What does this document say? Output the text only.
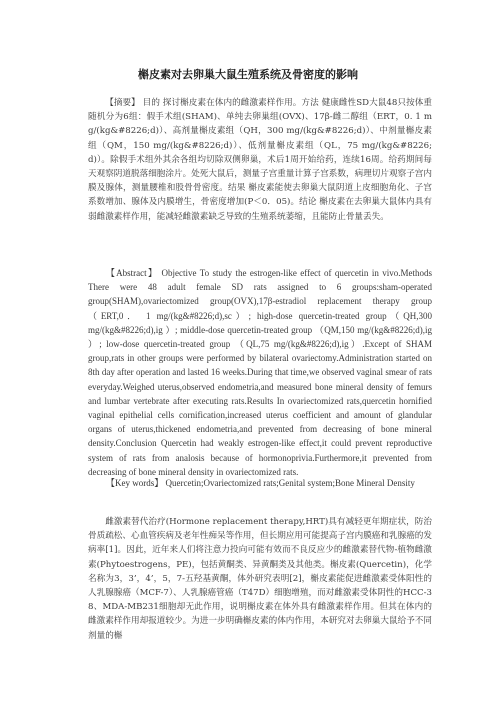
槲皮素对去卵巢大鼠生殖系统及骨密度的影响
【摘要】 目的 探讨槲皮素在体内的雌激素样作用。方法 健康雌性SD大鼠48只按体重随机分为6组：假手术组(SHAM)、单纯去卵巢组(OVX)、17β-雌二醇组（ERT，0. 1 mg/(kg&#8226;d)）、高剂量槲皮素组（QH，300 mg/(kg&#8226;d)）、中剂量槲皮素组（QM，150 mg/(kg&#8226;d)）、低剂量槲皮素组（QL，75 mg/(kg&#8226;d)）。除假手术组外其余各组均切除双侧卵巢，术后1周开始给药，连续16周。给药期间每天观察阴道脱落细胞涂片。处死大鼠后，测量子宫重量计算子宫系数，病理切片观察子宫内膜及腺体，测量腰椎和股骨骨密度。结果 槲皮素能使去卵巢大鼠阴道上皮细胞角化、子宫系数增加、腺体及内膜增生，骨密度增加(P＜0．05)。结论 槲皮素在去卵巢大鼠体内具有弱雌激素样作用，能减轻雌激素缺乏导致的生殖系统萎缩，且能防止骨量丢失。
【Abstract】 Objective To study the estrogen-like effect of quercetin in vivo.Methods There were 48 adult female SD rats assigned to 6 groups:sham-operated group(SHAM),ovariectomized group(OVX),17β-estradiol replacement therapy group（ERT,0． 1 mg/(kg&#8226;d),sc）; high-dose quercetin-treated group（QH,300 mg/(kg&#8226;d),ig ）; middle-dose quercetin-treated group （QM,150 mg/(kg&#8226;d),ig ）; low-dose quercetin-treated group （QL,75 mg/(kg&#8226;d),ig）.Except of SHAM group,rats in other groups were performed by bilateral ovariectomy.Administration started on 8th day after operation and lasted 16 weeks.During that time,we observed vaginal smear of rats everyday.Weighed uterus,observed endometria,and measured bone mineral density of femurs and lumbar vertebrate after executing rats.Results In ovariectomized rats,quercetin hornified vaginal epithelial cells cornification,increased uterus coefficient and amount of glandular organs of uterus,thickened endometria,and prevented from decreasing of bone mineral density.Conclusion Quercetin had weakly estrogen-like effect,it could prevent reproductive system of rats from analosis because of hormonoprivia.Furthermore,it prevented from decreasing of bone mineral density in ovariectomized rats.
【Key words】 Quercetin;Ovariectomized rats;Genital system;Bone Mineral Density
雌激素替代治疗(Hormone replacement therapy,HRT)具有减轻更年期症状，防治骨质疏松、心血管疾病及老年性痴呆等作用，但长期应用可能提高子宫内膜癌和乳腺癌的发病率[1]。因此，近年来人们将注意力投向可能有效而不良反应少的雌激素替代物-植物雌激素(Phytoestrogens，PE)，包括黄酮类、异黄酮类及其他类。槲皮素(Quercetin)，化学名称为3，3’，4’，5，7-五羟基黄酮，体外研究表明[2]，槲皮素能促进雌激素受体阳性的人乳腺腺癌（MCF-7）、人乳腺癌管癌（T47D）细胞增殖，而对雌激素受体阴性的HCC-38、MDA-MB231细胞却无此作用，说明槲皮素在体外具有雌激素样作用。但其在体内的雌激素样作用却报道较少。为进一步明确槲皮素的体内作用，本研究对去卵巢大鼠给予不同剂量的槲
